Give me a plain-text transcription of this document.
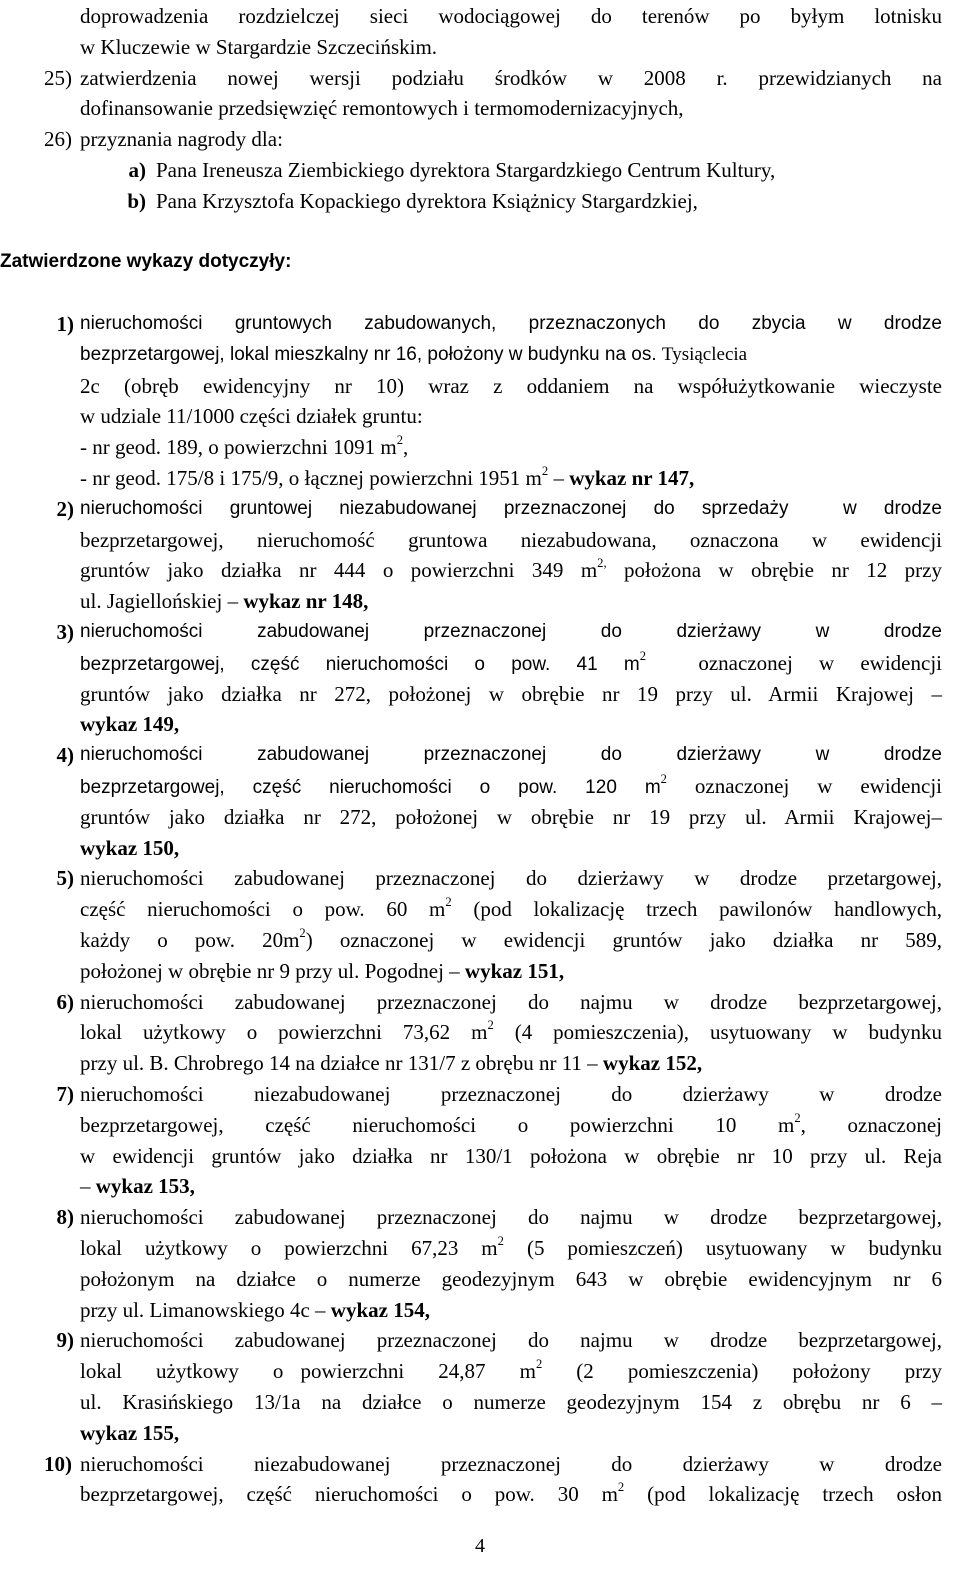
doprowadzenia rozdzielczej sieci wodociągowej do terenów po byłym lotnisku
w Kluczewie w Stargardzie Szczecińskim.
25) zatwierdzenia nowej wersji podziału środków w 2008 r. przewidzianych na
dofinansowanie przedsięwzięć remontowych i termomodernizacyjnych,
26) przyznania nagrody dla:
a) Pana Ireneusza Ziembickiego dyrektora Stargardzkiego Centrum Kultury,
b) Pana Krzysztofa Kopackiego dyrektora Książnicy Stargardzkiej,
Zatwierdzone wykazy dotyczyły:
1) nieruchomości gruntowych zabudowanych, przeznaczonych do zbycia w drodze
bezprzetargowej, lokal mieszkalny nr 16, położony w budynku na os. Tysiąclecia
2c (obręb ewidencyjny nr 10) wraz z oddaniem na współużytkowanie wieczyste
w udziale 11/1000 części działek gruntu:
- nr geod. 189, o powierzchni 1091 $m^2$,
- nr geod. 175/8 i 175/9, o łącznej powierzchni 1951 $m^2$ – wykaz nr 147,
2) nieruchomości gruntowej niezabudowanej przeznaczonej do sprzedaży  w drodze
bezprzetargowej, nieruchomość gruntowa niezabudowana, oznaczona w ewidencji
gruntów jako działka nr 444 o powierzchni 349 $m^{2,}$ położona w obrębie nr 12 przy
ul. Jagiellońskiej – wykaz nr 148,
3) nieruchomości  zabudowanej  przeznaczonej  do  dzierżawy  w  drodze
bezprzetargowej, część nieruchomości o pow. 41 $m^2$  oznaczonej w ewidencji
gruntów jako działka nr 272, położonej w obrębie nr 19 przy ul. Armii Krajowej –
wykaz 149,
4) nieruchomości  zabudowanej  przeznaczonej  do  dzierżawy  w  drodze
bezprzetargowej, część nieruchomości o pow. 120 $m^2$ oznaczonej w ewidencji
gruntów jako działka nr 272, położonej w obrębie nr 19 przy ul. Armii Krajowej–
wykaz 150,
5) nieruchomości zabudowanej przeznaczonej do dzierżawy w drodze przetargowej,
część nieruchomości o pow. 60 $m^2$ (pod lokalizację trzech pawilonów handlowych,
każdy o pow. $20m^2$) oznaczonej w ewidencji gruntów jako działka nr 589,
położonej w obrębie nr 9 przy ul. Pogodnej – wykaz 151,
6) nieruchomości zabudowanej przeznaczonej do najmu w drodze bezprzetargowej,
lokal użytkowy o powierzchni 73,62 $m^2$ (4 pomieszczenia), usytuowany w budynku
przy ul. B. Chrobrego 14 na działce nr 131/7 z obrębu nr 11 – wykaz 152,
7) nieruchomości  niezabudowanej  przeznaczonej  do  dzierżawy  w  drodze
bezprzetargowej,  część  nieruchomości  o  powierzchni  10  $m^2$,  oznaczonej
w ewidencji gruntów jako działka nr 130/1 położona w obrębie nr 10 przy ul. Reja
– wykaz 153,
8) nieruchomości zabudowanej przeznaczonej do najmu w drodze bezprzetargowej,
lokal użytkowy o powierzchni 67,23 $m^2$ (5 pomieszczeń) usytuowany w budynku
położonym na działce o numerze geodezyjnym 643 w obrębie ewidencyjnym nr 6
przy ul. Limanowskiego 4c – wykaz 154,
9) nieruchomości zabudowanej przeznaczonej do najmu w drodze bezprzetargowej,
lokal  użytkowy  o powierzchni  24,87  $m^2$  (2  pomieszczenia)  położony  przy
ul. Krasińskiego 13/1a na działce o numerze geodezyjnym 154 z obrębu nr 6 –
wykaz 155,
10) nieruchomości  niezabudowanej  przeznaczonej  do  dzierżawy  w  drodze
bezprzetargowej, część nieruchomości o pow. 30 $m^2$ (pod lokalizację trzech osłon
4
